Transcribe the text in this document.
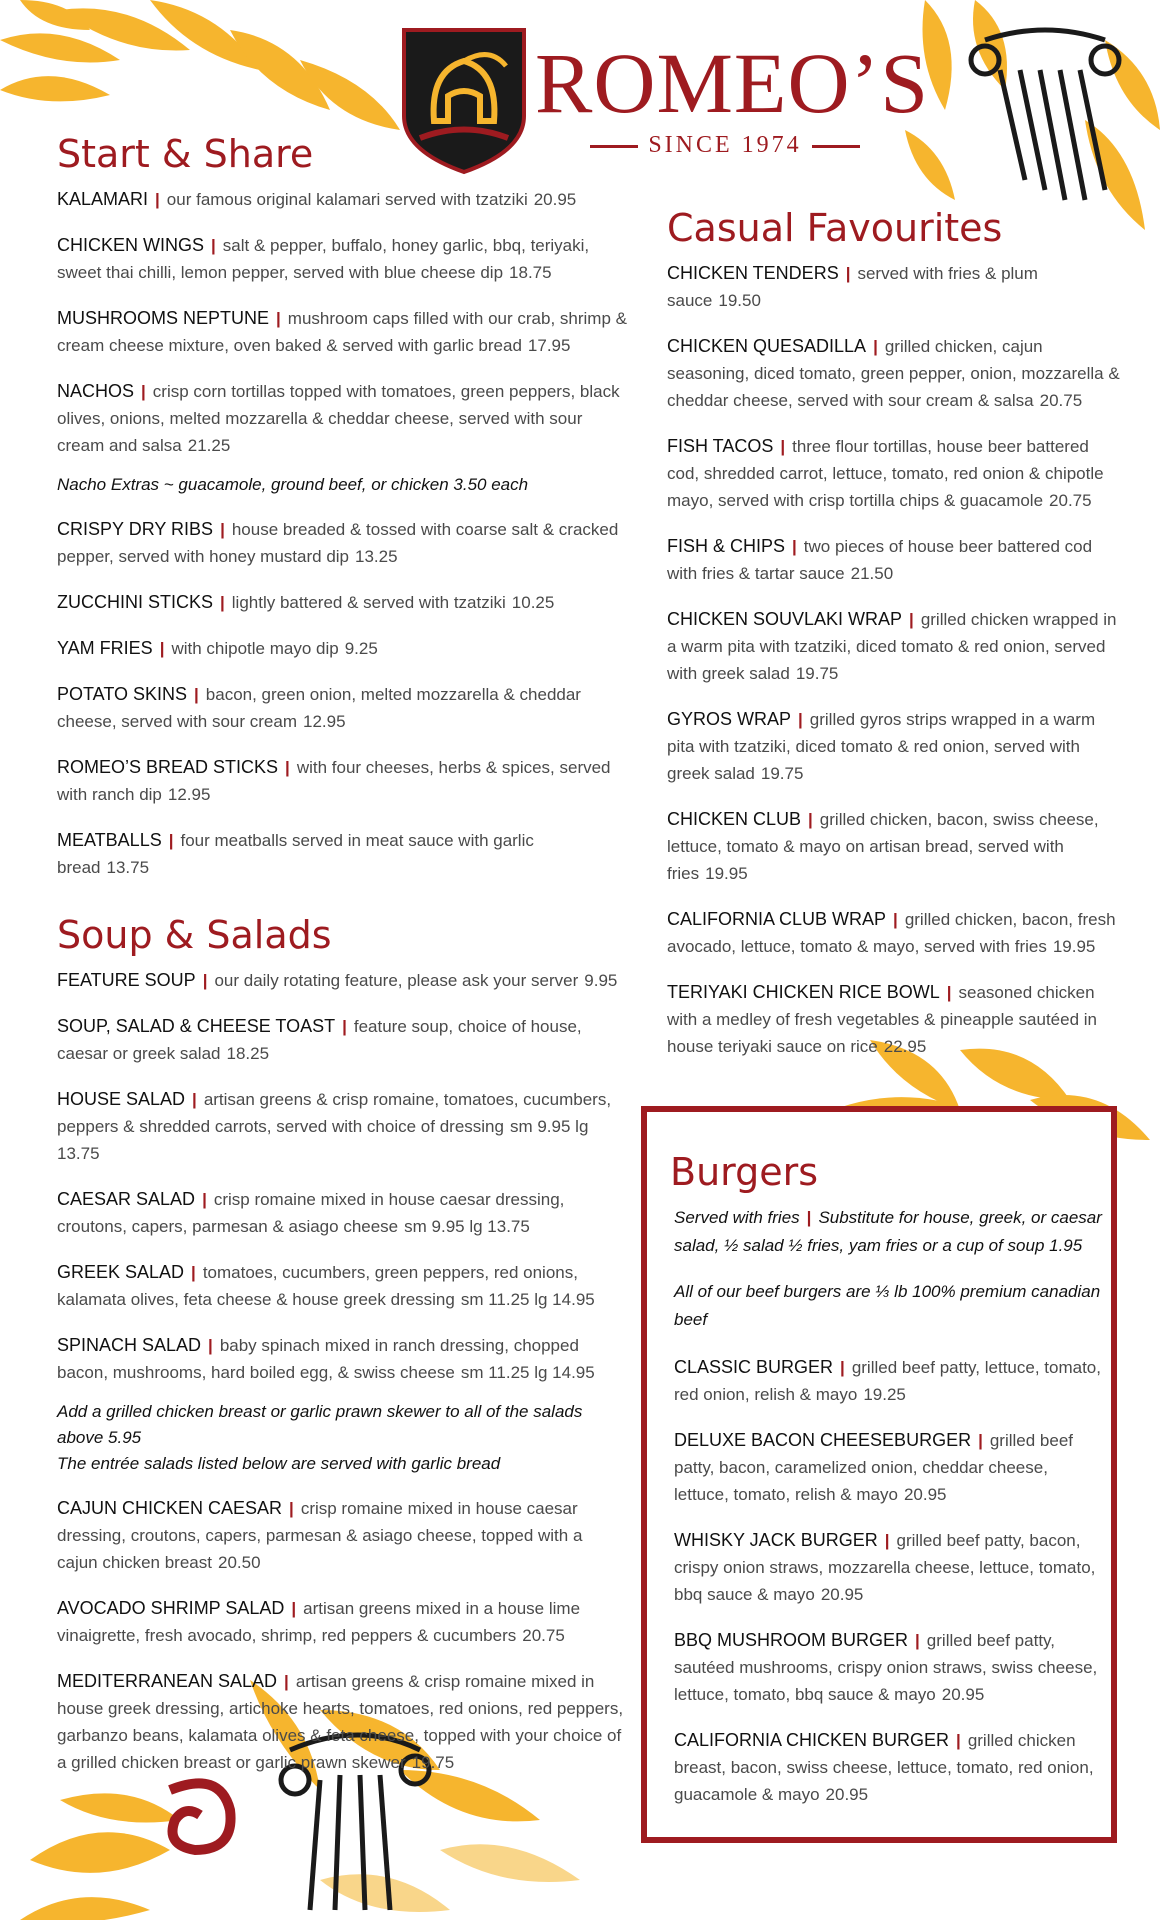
ROMEO’S
SINCE 1974
Start & Share
KALAMARI | our famous original kalamari served with tzatziki 20.95
CHICKEN WINGS | salt & pepper, buffalo, honey garlic, bbq, teriyaki, sweet thai chilli, lemon pepper, served with blue cheese dip 18.75
MUSHROOMS NEPTUNE | mushroom caps filled with our crab, shrimp & cream cheese mixture, oven baked & served with garlic bread 17.95
NACHOS | crisp corn tortillas topped with tomatoes, green peppers, black olives, onions, melted mozzarella & cheddar cheese, served with sour cream and salsa 21.25
Nacho Extras ~ guacamole, ground beef, or chicken 3.50 each
CRISPY DRY RIBS | house breaded & tossed with coarse salt & cracked pepper, served with honey mustard dip 13.25
ZUCCHINI STICKS | lightly battered & served with tzatziki 10.25
YAM FRIES | with chipotle mayo dip 9.25
POTATO SKINS | bacon, green onion, melted mozzarella & cheddar cheese, served with sour cream 12.95
ROMEO’S BREAD STICKS | with four cheeses, herbs & spices, served with ranch dip 12.95
MEATBALLS | four meatballs served in meat sauce with garlic bread 13.75
Soup & Salads
FEATURE SOUP | our daily rotating feature, please ask your server 9.95
SOUP, SALAD & CHEESE TOAST | feature soup, choice of house, caesar or greek salad 18.25
HOUSE SALAD | artisan greens & crisp romaine, tomatoes, cucumbers, peppers & shredded carrots, served with choice of dressing sm 9.95 lg 13.75
CAESAR SALAD | crisp romaine mixed in house caesar dressing, croutons, capers, parmesan & asiago cheese sm 9.95 lg 13.75
GREEK SALAD | tomatoes, cucumbers, green peppers, red onions, kalamata olives, feta cheese & house greek dressing sm 11.25 lg 14.95
SPINACH SALAD | baby spinach mixed in ranch dressing, chopped bacon, mushrooms, hard boiled egg, & swiss cheese sm 11.25 lg 14.95
Add a grilled chicken breast or garlic prawn skewer to all of the salads above 5.95
The entrée salads listed below are served with garlic bread
CAJUN CHICKEN CAESAR | crisp romaine mixed in house caesar dressing, croutons, capers, parmesan & asiago cheese, topped with a cajun chicken breast 20.50
AVOCADO SHRIMP SALAD | artisan greens mixed in a house lime vinaigrette, fresh avocado, shrimp, red peppers & cucumbers 20.75
MEDITERRANEAN SALAD | artisan greens & crisp romaine mixed in house greek dressing, artichoke hearts, tomatoes, red onions, red peppers, garbanzo beans, kalamata olives & feta cheese, topped with your choice of a grilled chicken breast or garlic prawn skewer 19.75
Casual Favourites
CHICKEN TENDERS | served with fries & plum sauce 19.50
CHICKEN QUESADILLA | grilled chicken, cajun seasoning, diced tomato, green pepper, onion, mozzarella & cheddar cheese, served with sour cream & salsa 20.75
FISH TACOS | three flour tortillas, house beer battered cod, shredded carrot, lettuce, tomato, red onion & chipotle mayo, served with crisp tortilla chips & guacamole 20.75
FISH & CHIPS | two pieces of house beer battered cod with fries & tartar sauce 21.50
CHICKEN SOUVLAKI WRAP | grilled chicken wrapped in a warm pita with tzatziki, diced tomato & red onion, served with greek salad 19.75
GYROS WRAP | grilled gyros strips wrapped in a warm pita with tzatziki, diced tomato & red onion, served with greek salad 19.75
CHICKEN CLUB | grilled chicken, bacon, swiss cheese, lettuce, tomato & mayo on artisan bread, served with fries 19.95
CALIFORNIA CLUB WRAP | grilled chicken, bacon, fresh avocado, lettuce, tomato & mayo, served with fries 19.95
TERIYAKI CHICKEN RICE BOWL | seasoned chicken with a medley of fresh vegetables & pineapple sautéed in house teriyaki sauce on rice 22.95
Burgers
Served with fries | Substitute for house, greek, or caesar salad, ½ salad ½ fries, yam fries or a cup of soup 1.95
All of our beef burgers are ⅓ lb 100% premium canadian beef
CLASSIC BURGER | grilled beef patty, lettuce, tomato, red onion, relish & mayo 19.25
DELUXE BACON CHEESEBURGER | grilled beef patty, bacon, caramelized onion, cheddar cheese, lettuce, tomato, relish & mayo 20.95
WHISKY JACK BURGER | grilled beef patty, bacon, crispy onion straws, mozzarella cheese, lettuce, tomato, bbq sauce & mayo 20.95
BBQ MUSHROOM BURGER | grilled beef patty, sautéed mushrooms, crispy onion straws, swiss cheese, lettuce, tomato, bbq sauce & mayo 20.95
CALIFORNIA CHICKEN BURGER | grilled chicken breast, bacon, swiss cheese, lettuce, tomato, red onion, guacamole & mayo 20.95
